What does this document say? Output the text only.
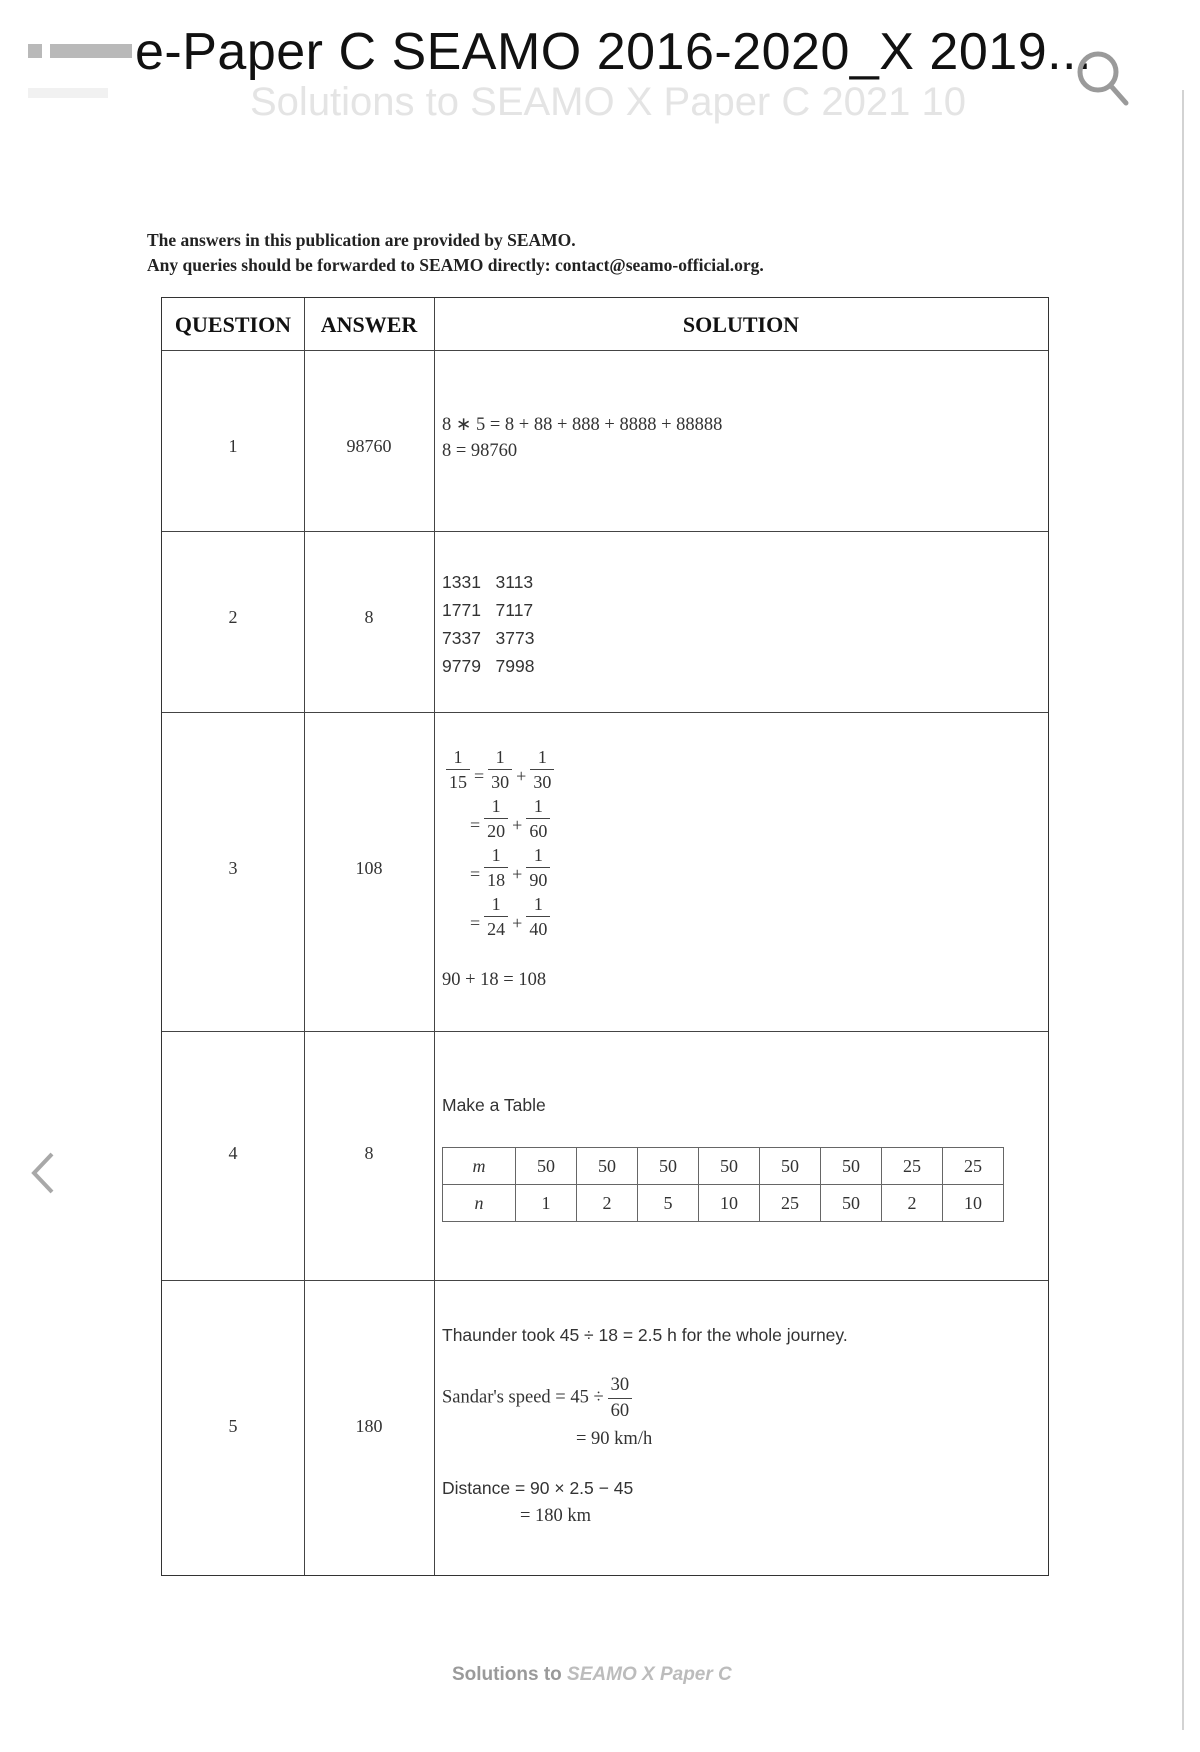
e-Paper C SEAMO 2016-2020_X 2019...
Solutions to SEAMO X Paper C 2021 10
The answers in this publication are provided by SEAMO.
Any queries should be forwarded to SEAMO directly: contact@seamo-official.org.
QUESTION	ANSWER	SOLUTION
1	98760
8 ∗ 5 = 8 + 88 + 888 + 8888 + 88888
8 = 98760
2	8
1331 3113
1771 7117
7337 3773
9779 7998
3	108
$\frac{1}{15} = \frac{1}{30} + \frac{1}{30}$
= $\frac{1}{20} + \frac{1}{60}$
= $\frac{1}{18} + \frac{1}{90}$
= $\frac{1}{24} + \frac{1}{40}$
90 + 18 = 108
4	8
Make a Table
m	50	50	50	50	50	50	25	25
n	1	2	5	10	25	50	2	10
5	180
Thaunder took 45 ÷ 18 = 2.5 h for the whole journey.
Sandar's speed = $45 \div \frac{30}{60}$
= 90 km/h
Distance = 90 × 2.5 − 45
= 180 km
Solutions to SEAMO X Paper C
